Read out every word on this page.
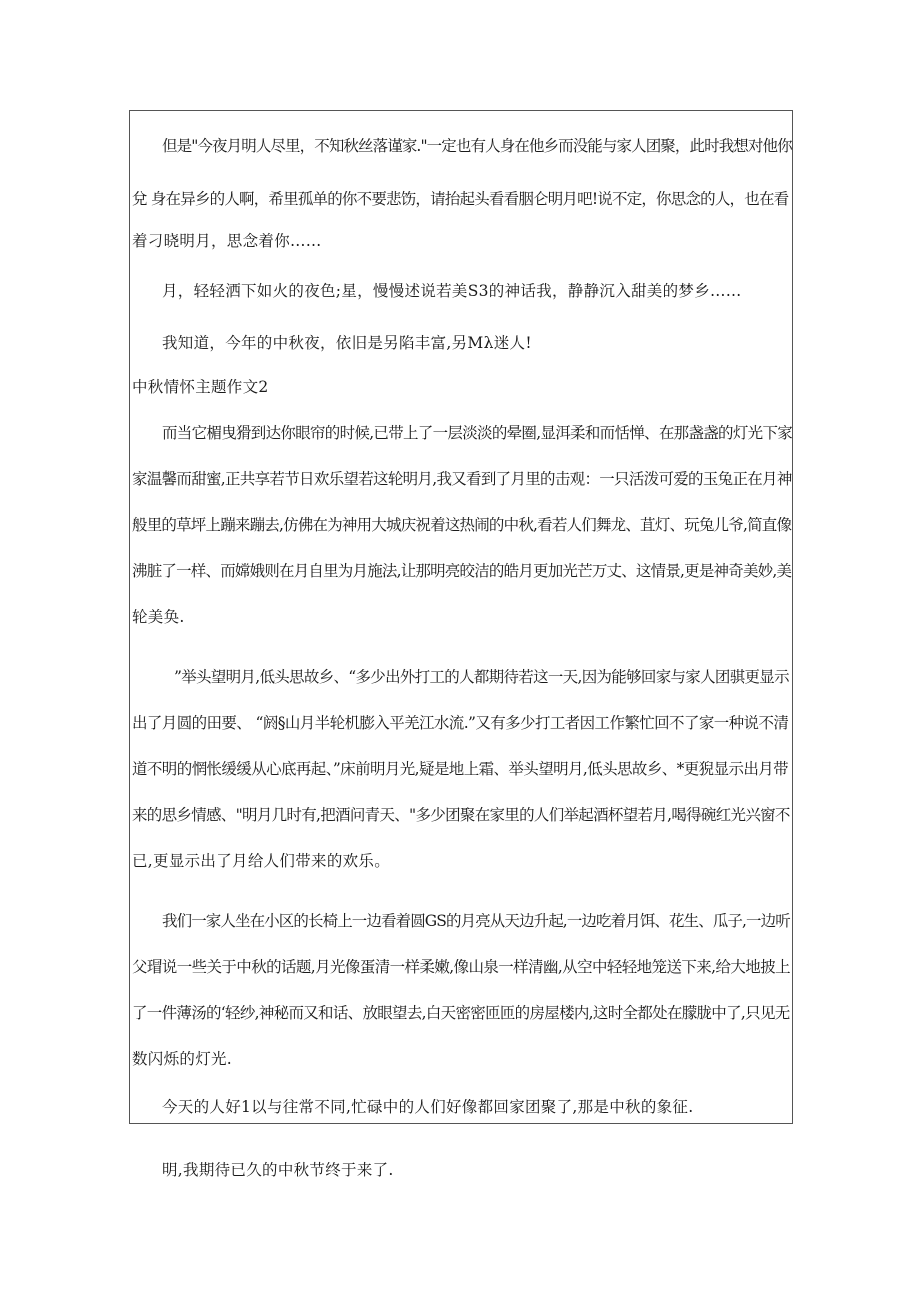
但是"今夜月明人尽里，不知秋丝落谨家."一定也有人身在他乡而没能与家人团聚，此时我想对他你
兌 身在异乡的人啊，希里孤单的你不要悲饬，请抬起头看看胭仑明月吧!说不定，你思念的人，也在看
着刁晓明月，思念着你……
月，轻轻洒下如火的夜色;星，慢慢述说若美S3的神话我，静静沉入甜美的梦乡……
我知道，今年的中秋夜，依旧是另陷丰富,另Mλ迷人!
中秋情怀主题作文2
而当它楣曳猾到达你眼帘的时候,已带上了一层淡淡的晕圈,显洱柔和而恬惮、在那盏盏的灯光下家
家温馨而甜蜜,正共享若节日欢乐望若这轮明月,我又看到了月里的击观：一只活泼可爱的玉兔正在月神
般里的草坪上蹦来蹦去,仿佛在为神用大城庆祝着这热闹的中秋,看若人们舞龙、苴灯、玩兔儿爷,简直像
沸脏了一样、而嫦娥则在月自里为月施法,让那明亮皎洁的皓月更加光芒万丈、这情景,更是神奇美妙,美
轮美奂.
”举头望明月,低头思故乡、“多少出外打工的人都期待若这一天,因为能够回家与家人团骐更显示
出了月圆的田要、 “阏§山月半轮机膨入平羌江水流.”又有多少打工者因工作繁忙回不了家一种说不清
道不明的惘怅缓缓从心底再起、”床前明月光,疑是地上霜、举头望明月,低头思故乡、*更猊显示出月带
来的思乡情感、"明月几时有,把酒问青天、"多少团聚在家里的人们举起酒杯望若月,喝得碗红光兴窗不
已,更显示出了月给人们带来的欢乐。
我们一家人坐在小区的长椅上一边看着圆GS的月亮从天边升起,一边吃着月饵、花生、瓜子,一边听
父瑁说一些关于中秋的话题,月光像蛋清一样柔嫩,像山泉一样清幽,从空中轻轻地笼送下来,给大地披上
了一件薄汤的‘轻纱,神秘而又和话、放眼望去,白天密密匝匝的房屋楼内,这时全都处在朦胧中了,只见无
数闪烁的灯光.
今天的人好1以与往常不同,忙碌中的人们好像都回家团聚了,那是中秋的象征.
明,我期待已久的中秋节终于来了.
